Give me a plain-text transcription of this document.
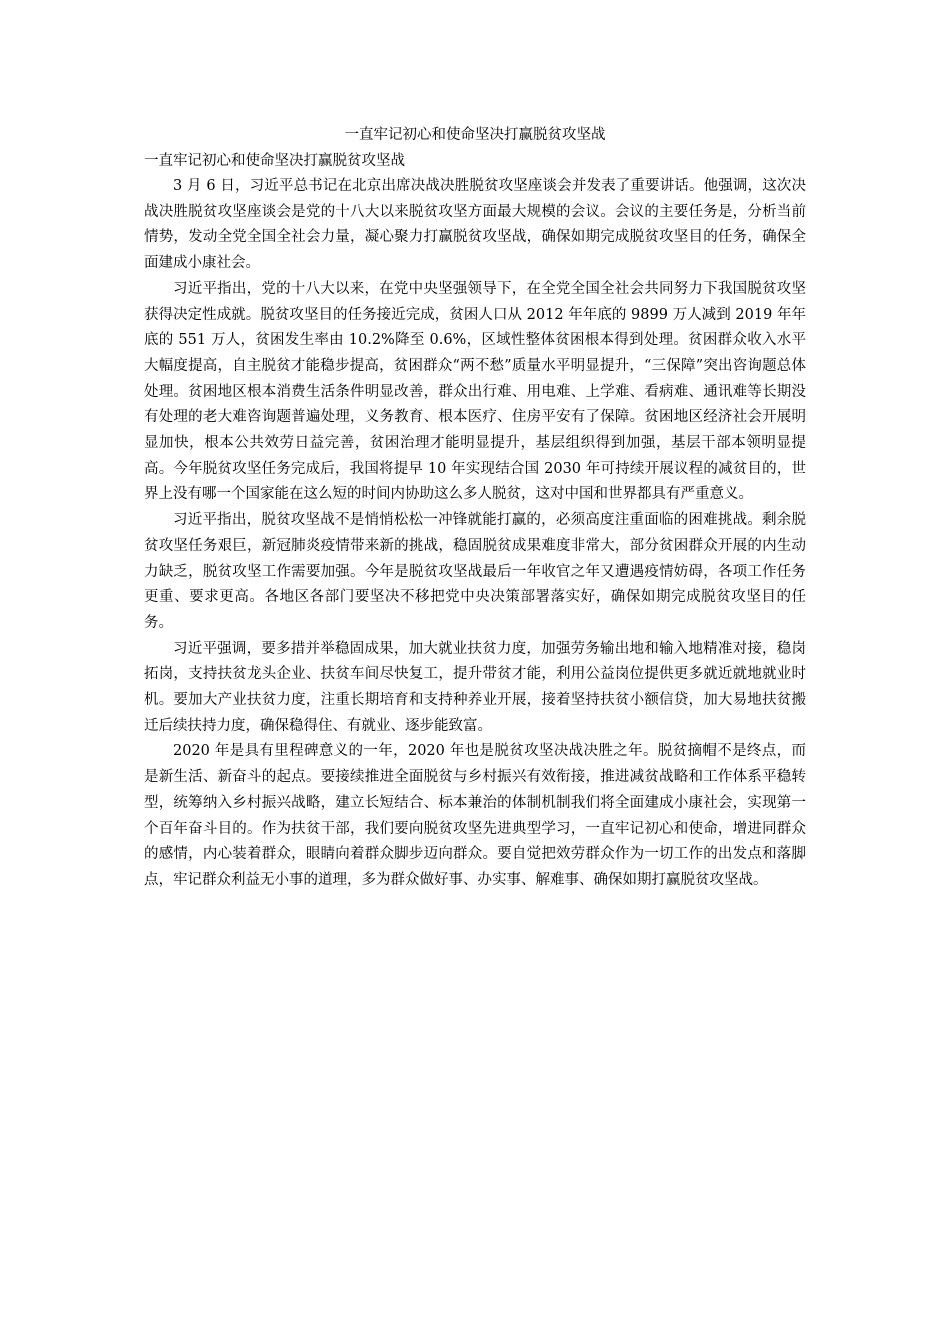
一直牢记初心和使命坚决打赢脱贫攻坚战
一直牢记初心和使命坚决打赢脱贫攻坚战

3 月 6 日，习近平总书记在北京出席决战决胜脱贫攻坚座谈会并发表了重要讲话。他强调，这次决战决胜脱贫攻坚座谈会是党的十八大以来脱贫攻坚方面最大规模的会议。会议的主要任务是，分析当前情势，发动全党全国全社会力量，凝心聚力打赢脱贫攻坚战，确保如期完成脱贫攻坚目的任务，确保全面建成小康社会。

习近平指出，党的十八大以来，在党中央坚强领导下，在全党全国全社会共同努力下我国脱贫攻坚获得决定性成就。脱贫攻坚目的任务接近完成，贫困人口从 2012 年年底的 9899 万人减到 2019 年年底的 551 万人，贫困发生率由 10.2%降至 0.6%，区域性整体贫困根本得到处理。贫困群众收入水平大幅度提高，自主脱贫才能稳步提高，贫困群众“两不愁”质量水平明显提升，“三保障”突出咨询题总体处理。贫困地区根本消费生活条件明显改善，群众出行难、用电难、上学难、看病难、通讯难等长期没有处理的老大难咨询题普遍处理，义务教育、根本医疗、住房平安有了保障。贫困地区经济社会开展明显加快，根本公共效劳日益完善，贫困治理才能明显提升，基层组织得到加强，基层干部本领明显提高。今年脱贫攻坚任务完成后，我国将提早 10 年实现结合国 2030 年可持续开展议程的减贫目的，世界上没有哪一个国家能在这么短的时间内协助这么多人脱贫，这对中国和世界都具有严重意义。

习近平指出，脱贫攻坚战不是悄悄松松一冲锋就能打赢的，必须高度注重面临的困难挑战。剩余脱贫攻坚任务艰巨，新冠肺炎疫情带来新的挑战，稳固脱贫成果难度非常大，部分贫困群众开展的内生动力缺乏，脱贫攻坚工作需要加强。今年是脱贫攻坚战最后一年收官之年又遭遇疫情妨碍，各项工作任务更重、要求更高。各地区各部门要坚决不移把党中央决策部署落实好，确保如期完成脱贫攻坚目的任务。

习近平强调，要多措并举稳固成果，加大就业扶贫力度，加强劳务输出地和输入地精准对接，稳岗拓岗，支持扶贫龙头企业、扶贫车间尽快复工，提升带贫才能，利用公益岗位提供更多就近就地就业时机。要加大产业扶贫力度，注重长期培育和支持种养业开展，接着坚持扶贫小额信贷，加大易地扶贫搬迁后续扶持力度，确保稳得住、有就业、逐步能致富。

2020 年是具有里程碑意义的一年，2020 年也是脱贫攻坚决战决胜之年。脱贫摘帽不是终点，而是新生活、新奋斗的起点。要接续推进全面脱贫与乡村振兴有效衔接，推进减贫战略和工作体系平稳转型，统筹纳入乡村振兴战略，建立长短结合、标本兼治的体制机制我们将全面建成小康社会，实现第一个百年奋斗目的。作为扶贫干部，我们要向脱贫攻坚先进典型学习，一直牢记初心和使命，增进同群众的感情，内心装着群众，眼睛向着群众脚步迈向群众。要自觉把效劳群众作为一切工作的出发点和落脚点，牢记群众利益无小事的道理，多为群众做好事、办实事、解难事、确保如期打赢脱贫攻坚战。
